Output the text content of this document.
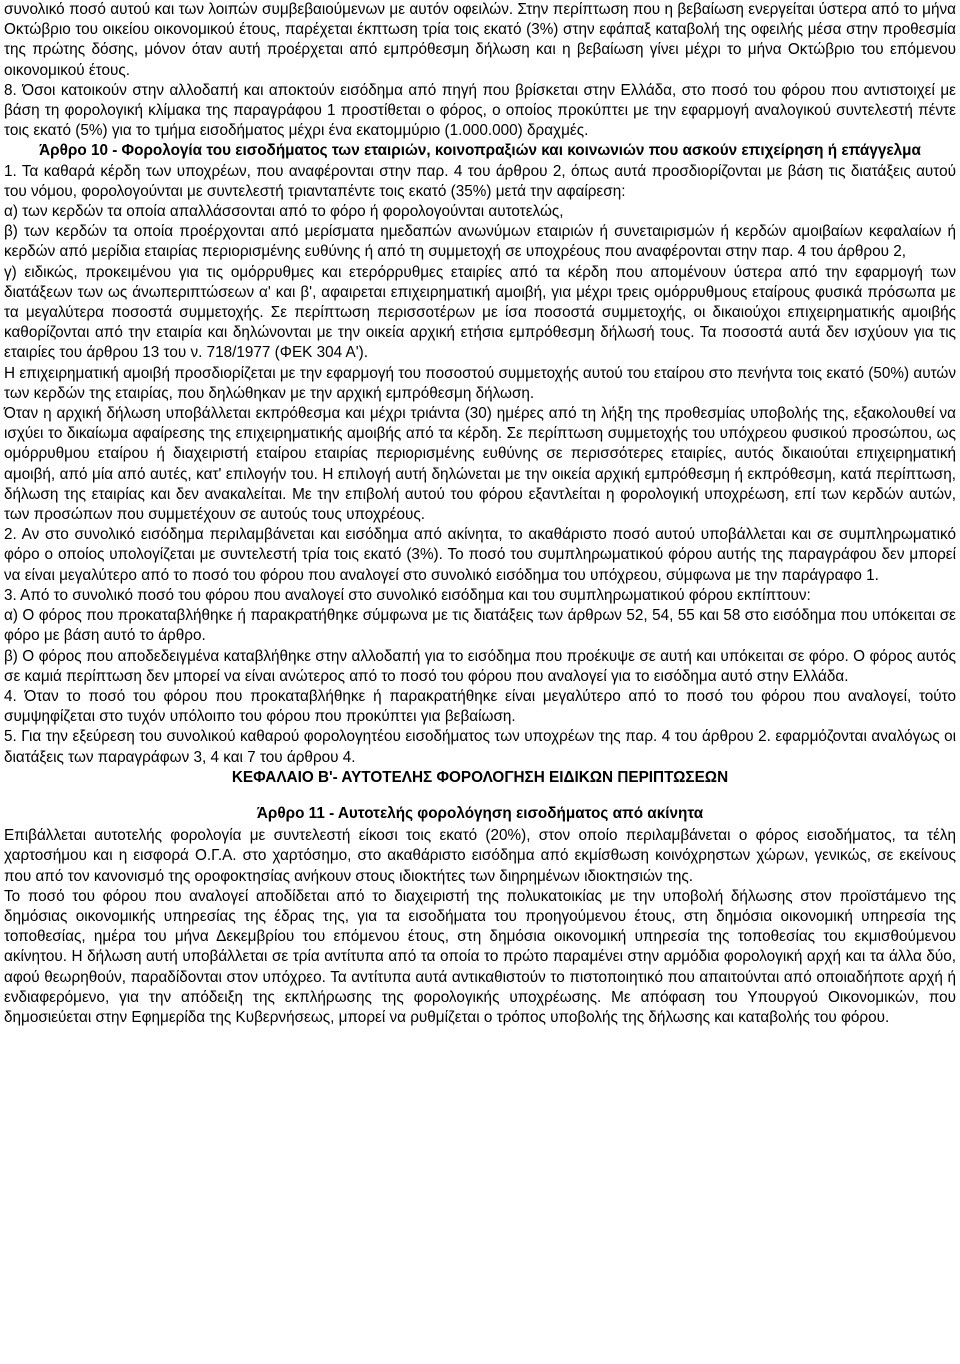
συνολικό ποσό αυτού και των λοιπών συμβεβαιούμενων με αυτόν οφειλών. Στην περίπτωση που η βεβαίωση ενεργείται ύστερα από το μήνα Οκτώβριο του οικείου οικονομικού έτους, παρέχεται έκπτωση τρία τοις εκατό (3%) στην εφάπαξ καταβολή της οφειλής μέσα στην προθεσμία της πρώτης δόσης, μόνον όταν αυτή προέρχεται από εμπρόθεσμη δήλωση και η βεβαίωση γίνει μέχρι το μήνα Οκτώβριο του επόμενου οικονομικού έτους.

8. Όσοι κατοικούν στην αλλοδαπή και αποκτούν εισόδημα από πηγή που βρίσκεται στην Ελλάδα, στο ποσό του φόρου που αντιστοιχεί με βάση τη φορολογική κλίμακα της παραγράφου 1 προστίθεται ο φόρος, ο οποίος προκύπτει με την εφαρμογή αναλογικού συντελεστή πέντε τοις εκατό (5%) για το τμήμα εισοδήματος μέχρι ένα εκατομμύριο (1.000.000) δραχμές.

Άρθρο 10 - Φορολογία του εισοδήματος των εταιριών, κοινοπραξιών και κοινωνιών που ασκούν επιχείρηση ή επάγγελμα

1. Τα καθαρά κέρδη των υποχρέων, που αναφέρονται στην παρ. 4 του άρθρου 2, όπως αυτά προσδιορίζονται με βάση τις διατάξεις αυτού του νόμου, φορολογούνται με συντελεστή τριανταπέντε τοις εκατό (35%) μετά την αφαίρεση:

α) των κερδών τα οποία απαλλάσσονται από το φόρο ή φορολογούνται αυτοτελώς,

β) των κερδών τα οποία προέρχονται από μερίσματα ημεδαπών ανωνύμων εταιριών ή συνεταιρισμών ή κερδών αμοιβαίων κεφαλαίων ή κερδών από μερίδια εταιρίας περιορισμένης ευθύνης ή από τη συμμετοχή σε υποχρέους που αναφέρονται στην παρ. 4 του άρθρου 2,

γ) ειδικώς, προκειμένου για τις ομόρρυθμες και ετερόρρυθμες εταιρίες από τα κέρδη που απομένουν ύστερα από την εφαρμογή των διατάξεων των ως άνωπεριπτώσεων α' και β', αφαιρεται επιχειρηματική αμοιβή, για μέχρι τρεις ομόρρυθμους εταίρους φυσικά πρόσωπα με τα μεγαλύτερα ποσοστά συμμετοχής. Σε περίπτωση περισσοτέρων με ίσα ποσοστά συμμετοχής, οι δικαιούχοι επιχειρηματικής αμοιβής καθορίζονται από την εταιρία και δηλώνονται με την οικεία αρχική ετήσια εμπρόθεσμη δήλωσή τους. Τα ποσοστά αυτά δεν ισχύουν για τις εταιρίες του άρθρου 13 του ν. 718/1977 (ΦΕΚ 304 Α').

Η επιχειρηματική αμοιβή προσδιορίζεται με την εφαρμογή του ποσοστού συμμετοχής αυτού του εταίρου στο πενήντα τοις εκατό (50%) αυτών των κερδών της εταιρίας, που δηλώθηκαν με την αρχική εμπρόθεσμη δήλωση.

Όταν η αρχική δήλωση υποβάλλεται εκπρόθεσμα και μέχρι τριάντα (30) ημέρες από τη λήξη της προθεσμίας υποβολής της, εξακολουθεί να ισχύει το δικαίωμα αφαίρεσης της επιχειρηματικής αμοιβής από τα κέρδη. Σε περίπτωση συμμετοχής του υπόχρεου φυσικού προσώπου, ως ομόρρυθμου εταίρου ή διαχειριστή εταίρου εταιρίας περιορισμένης ευθύνης σε περισσότερες εταιρίες, αυτός δικαιούται επιχειρηματική αμοιβή, από μία από αυτές, κατ' επιλογήν του. Η επιλογή αυτή δηλώνεται με την οικεία αρχική εμπρόθεσμη ή εκπρόθεσμη, κατά περίπτωση, δήλωση της εταιρίας και δεν ανακαλείται. Με την επιβολή αυτού του φόρου εξαντλείται η φορολογική υποχρέωση, επί των κερδών αυτών, των προσώπων που συμμετέχουν σε αυτούς τους υποχρέους.

2. Αν στο συνολικό εισόδημα περιλαμβάνεται και εισόδημα από ακίνητα, το ακαθάριστο ποσό αυτού υποβάλλεται και σε συμπληρωματικό φόρο ο οποίος υπολογίζεται με συντελεστή τρία τοις εκατό (3%). Το ποσό του συμπληρωματικού φόρου αυτής της παραγράφου δεν μπορεί να είναι μεγαλύτερο από το ποσό του φόρου που αναλογεί στο συνολικό εισόδημα του υπόχρεου, σύμφωνα με την παράγραφο 1.

3. Από το συνολικό ποσό του φόρου που αναλογεί στο συνολικό εισόδημα και του συμπληρωματικού φόρου εκπίπτουν:

α) Ο φόρος που προκαταβλήθηκε ή παρακρατήθηκε σύμφωνα με τις διατάξεις των άρθρων 52, 54, 55 και 58 στο εισόδημα που υπόκειται σε φόρο με βάση αυτό το άρθρο.

β) Ο φόρος που αποδεδειγμένα καταβλήθηκε στην αλλοδαπή για το εισόδημα που προέκυψε σε αυτή και υπόκειται σε φόρο. Ο φόρος αυτός σε καμιά περίπτωση δεν μπορεί να είναι ανώτερος από το ποσό του φόρου που αναλογεί για το εισόδημα αυτό στην Ελλάδα.

4. Όταν το ποσό του φόρου που προκαταβλήθηκε ή παρακρατήθηκε είναι μεγαλύτερο από το ποσό του φόρου που αναλογεί, τούτο συμψηφίζεται στο τυχόν υπόλοιπο του φόρου που προκύπτει για βεβαίωση.

5. Για την εξεύρεση του συνολικού καθαρού φορολογητέου εισοδήματος των υποχρέων της παρ. 4 του άρθρου 2. εφαρμόζονται αναλόγως οι διατάξεις των παραγράφων 3, 4 και 7 του άρθρου 4.

ΚΕΦΑΛΑΙΟ Β'- ΑΥΤΟΤΕΛΗΣ ΦΟΡΟΛΟΓΗΣΗ ΕΙΔΙΚΩΝ ΠΕΡΙΠΤΩΣΕΩΝ

Άρθρο 11 - Αυτοτελής φορολόγηση εισοδήματος από ακίνητα

Επιβάλλεται αυτοτελής φορολογία με συντελεστή είκοσι τοις εκατό (20%), στον οποίο περιλαμβάνεται ο φόρος εισοδήματος, τα τέλη χαρτοσήμου και η εισφορά Ο.Γ.Α. στο χαρτόσημο, στο ακαθάριστο εισόδημα από εκμίσθωση κοινόχρηστων χώρων, γενικώς, σε εκείνους που από τον κανονισμό της οροφοκτησίας ανήκουν στους ιδιοκτήτες των διηρημένων ιδιοκτησιών της.

Το ποσό του φόρου που αναλογεί αποδίδεται από το διαχειριστή της πολυκατοικίας με την υποβολή δήλωσης στον προϊστάμενο της δημόσιας οικονομικής υπηρεσίας της έδρας της, για τα εισοδήματα του προηγούμενου έτους, στη δημόσια οικονομική υπηρεσία της τοποθεσίας, ημέρα του μήνα Δεκεμβρίου του επόμενου έτους, στη δημόσια οικονομική υπηρεσία της τοποθεσίας του εκμισθούμενου ακίνητου. Η δήλωση αυτή υποβάλλεται σε τρία αντίτυπα από τα οποία το πρώτο παραμένει στην αρμόδια φορολογική αρχή και τα άλλα δύο, αφού θεωρηθούν, παραδίδονται στον υπόχρεο. Τα αντίτυπα αυτά αντικαθιστούν το πιστοποιητικό που απαιτούνται από οποιαδήποτε αρχή ή ενδιαφερόμενο, για την απόδειξη της εκπλήρωσης της φορολογικής υποχρέωσης. Με απόφαση του Υπουργού Οικονομικών, που δημοσιεύεται στην Εφημερίδα της Κυβερνήσεως, μπορεί να ρυθμίζεται ο τρόπος υποβολής της δήλωσης και καταβολής του φόρου.
